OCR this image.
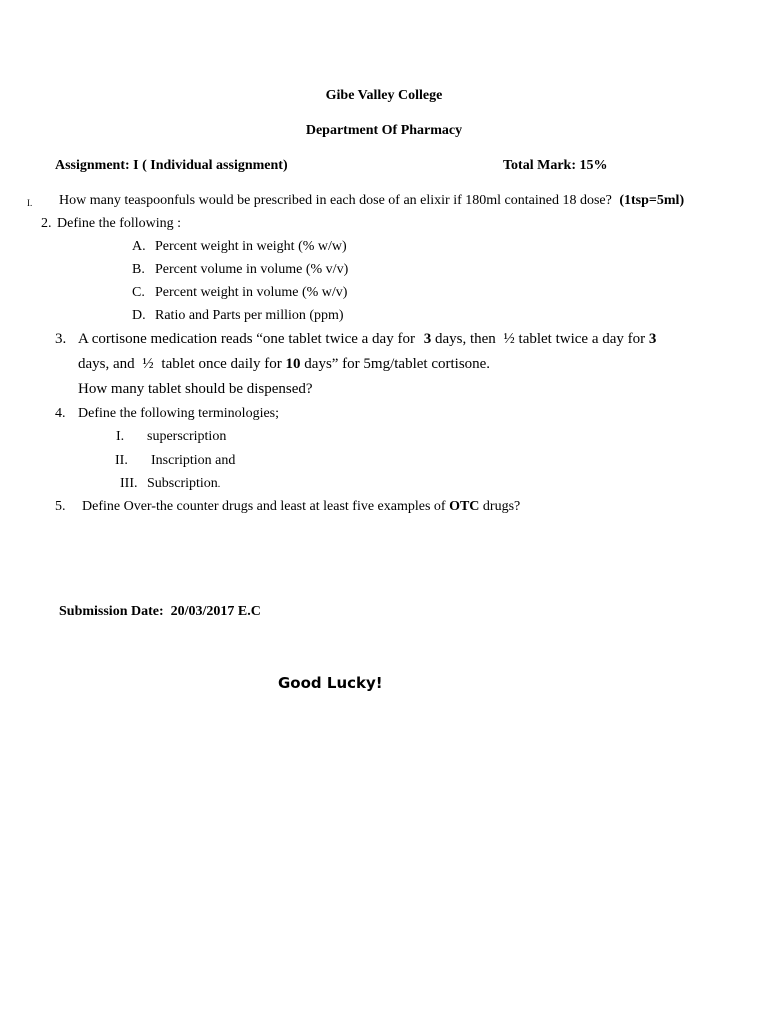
Gibe Valley College
Department Of Pharmacy
Assignment: I ( Individual assignment)	Total Mark: 15%
I. How many teaspoonfuls would be prescribed in each dose of an elixir if 180ml contained 18 dose? (1tsp=5ml)
2. Define the following :
A. Percent weight in weight (% w/w)
B. Percent volume in volume (% v/v)
C. Percent weight in volume (% w/v)
D. Ratio and Parts per million (ppm)
3. A cortisone medication reads “one tablet twice a day for 3 days, then ½ tablet twice a day for 3
days, and ½ tablet once daily for 10 days” for 5mg/tablet cortisone.
How many tablet should be dispensed?
4. Define the following terminologies;
I. superscription
II. Inscription and
III. Subscription.
5. Define Over-the counter drugs and least at least five examples of OTC drugs?
Submission Date:  20/03/2017 E.C
Good Lucky!
